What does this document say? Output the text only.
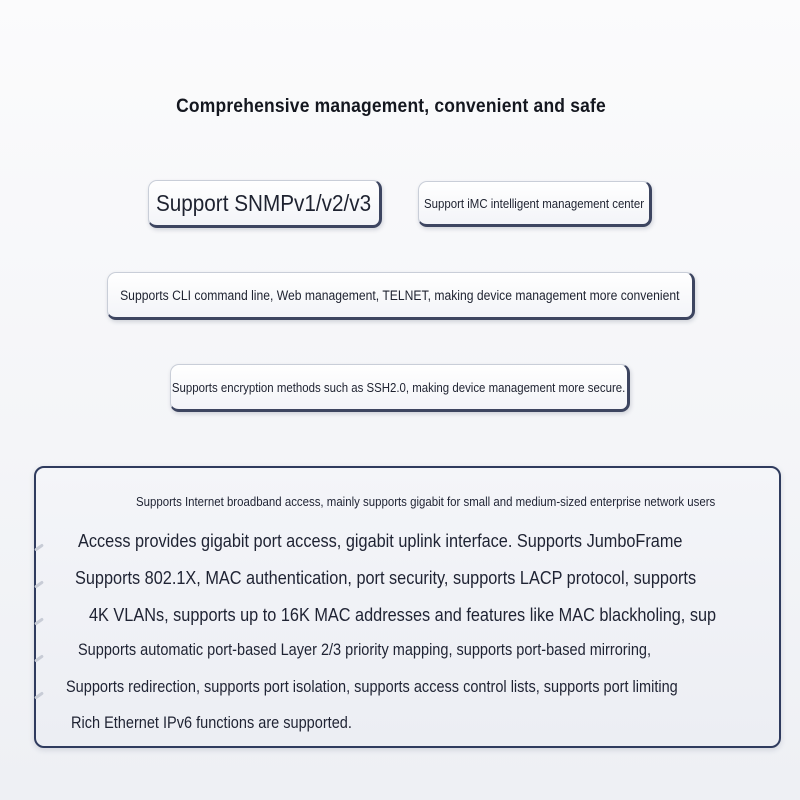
Comprehensive management, convenient and safe
Support SNMPv1/v2/v3	Support iMC intelligent management center
Supports CLI command line, Web management, TELNET, making device management more convenient
Supports encryption methods such as SSH2.0, making device management more secure.
Supports Internet broadband access, mainly supports gigabit for small and medium-sized enterprise network users
Access provides gigabit port access, gigabit uplink interface. Supports JumboFrame
Supports 802.1X, MAC authentication, port security, supports LACP protocol, supports
4K VLANs, supports up to 16K MAC addresses and features like MAC blackholing, sup
Supports automatic port-based Layer 2/3 priority mapping, supports port-based mirroring,
Supports redirection, supports port isolation, supports access control lists, supports port limiting
Rich Ethernet IPv6 functions are supported.
